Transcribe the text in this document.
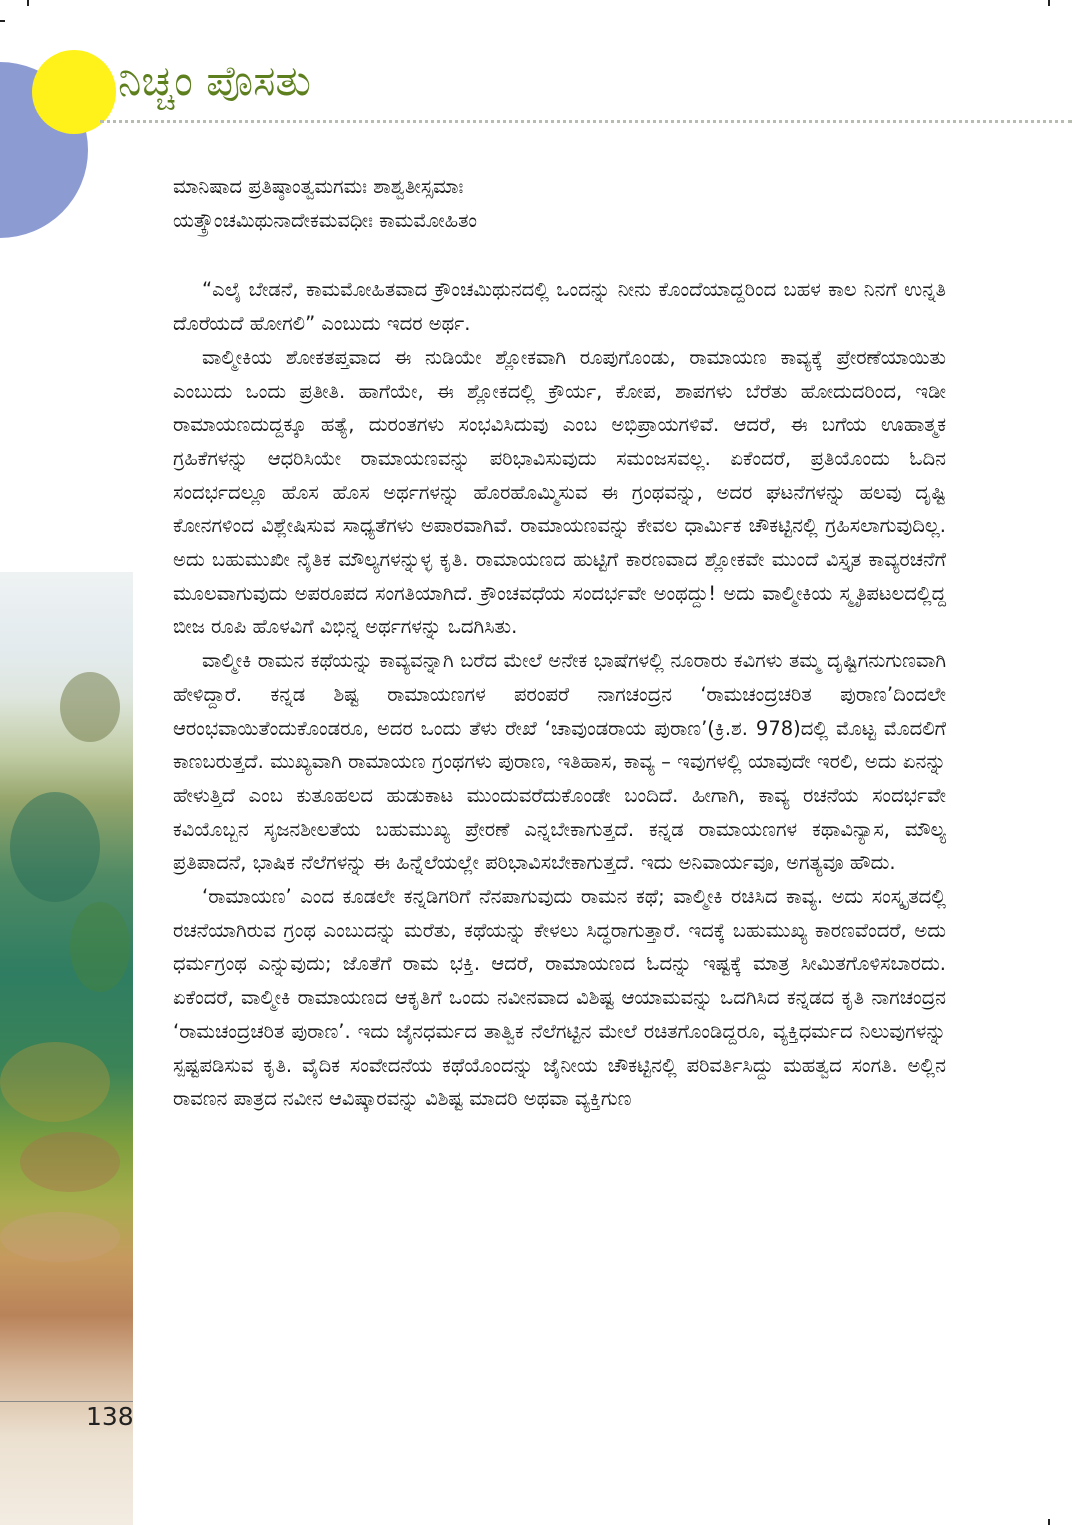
ನಿಚ್ಚಂ ಪೊಸತು
138
ಮಾನಿಷಾದ ಪ್ರತಿಷ್ಠಾಂತ್ವಮಗಮಃ ಶಾಶ್ವತೀಸ್ಸಮಾಃ
ಯತ್ಕ್ರೌಂಚಮಿಥುನಾದೇಕಮವಧೀಃ ಕಾಮಮೋಹಿತಂ

“ಎಲೈ ಬೇಡನೆ, ಕಾಮಮೋಹಿತವಾದ ಕ್ರೌಂಚಮಿಥುನದಲ್ಲಿ ಒಂದನ್ನು ನೀನು ಕೊಂದೆಯಾದ್ದರಿಂದ ಬಹಳ ಕಾಲ ನಿನಗೆ ಉನ್ನತಿ ದೊರೆಯದೆ ಹೋಗಲಿ” ಎಂಬುದು ಇದರ ಅರ್ಥ.

ವಾಲ್ಮೀಕಿಯ ಶೋಕತಪ್ತವಾದ ಈ ನುಡಿಯೇ ಶ್ಲೋಕವಾಗಿ ರೂಪುಗೊಂಡು, ರಾಮಾಯಣ ಕಾವ್ಯಕ್ಕೆ ಪ್ರೇರಣೆಯಾಯಿತು ಎಂಬುದು ಒಂದು ಪ್ರತೀತಿ. ಹಾಗೆಯೇ, ಈ ಶ್ಲೋಕದಲ್ಲಿ ಕ್ರೌರ್ಯ, ಕೋಪ, ಶಾಪಗಳು ಬೆರೆತು ಹೋದುದರಿಂದ, ಇಡೀ ರಾಮಾಯಣದುದ್ದಕ್ಕೂ ಹತ್ಯೆ, ದುರಂತಗಳು ಸಂಭವಿಸಿದುವು ಎಂಬ ಅಭಿಪ್ರಾಯಗಳಿವೆ. ಆದರೆ, ಈ ಬಗೆಯ ಊಹಾತ್ಮಕ ಗ್ರಹಿಕೆಗಳನ್ನು ಆಧರಿಸಿಯೇ ರಾಮಾಯಣವನ್ನು ಪರಿಭಾವಿಸುವುದು ಸಮಂಜಸವಲ್ಲ. ಏಕೆಂದರೆ, ಪ್ರತಿಯೊಂದು ಓದಿನ ಸಂದರ್ಭದಲ್ಲೂ ಹೊಸ ಹೊಸ ಅರ್ಥಗಳನ್ನು ಹೊರಹೊಮ್ಮಿಸುವ ಈ ಗ್ರಂಥವನ್ನು, ಅದರ ಘಟನೆಗಳನ್ನು ಹಲವು ದೃಷ್ಟಿ ಕೋನಗಳಿಂದ ವಿಶ್ಲೇಷಿಸುವ ಸಾಧ್ಯತೆಗಳು ಅಪಾರವಾಗಿವೆ. ರಾಮಾಯಣವನ್ನು ಕೇವಲ ಧಾರ್ಮಿಕ ಚೌಕಟ್ಟಿನಲ್ಲಿ ಗ್ರಹಿಸಲಾಗುವುದಿಲ್ಲ. ಅದು ಬಹುಮುಖೀ ನೈತಿಕ ಮೌಲ್ಯಗಳನ್ನುಳ್ಳ ಕೃತಿ. ರಾಮಾಯಣದ ಹುಟ್ಟಿಗೆ ಕಾರಣವಾದ ಶ್ಲೋಕವೇ ಮುಂದೆ ವಿಸ್ತೃತ ಕಾವ್ಯರಚನೆಗೆ ಮೂಲವಾಗುವುದು ಅಪರೂಪದ ಸಂಗತಿಯಾಗಿದೆ. ಕ್ರೌಂಚವಧೆಯ ಸಂದರ್ಭವೇ ಅಂಥದ್ದು! ಅದು ವಾಲ್ಮೀಕಿಯ ಸ್ಮೃತಿಪಟಲದಲ್ಲಿದ್ದ ಬೀಜ ರೂಪಿ ಹೊಳವಿಗೆ ವಿಭಿನ್ನ ಅರ್ಥಗಳನ್ನು ಒದಗಿಸಿತು.

ವಾಲ್ಮೀಕಿ ರಾಮನ ಕಥೆಯನ್ನು ಕಾವ್ಯವನ್ನಾಗಿ ಬರೆದ ಮೇಲೆ ಅನೇಕ ಭಾಷೆಗಳಲ್ಲಿ ನೂರಾರು ಕವಿಗಳು ತಮ್ಮ ದೃಷ್ಟಿಗನುಗುಣವಾಗಿ ಹೇಳಿದ್ದಾರೆ. ಕನ್ನಡ ಶಿಷ್ಟ ರಾಮಾಯಣಗಳ ಪರಂಪರೆ ನಾಗಚಂದ್ರನ ‘ರಾಮಚಂದ್ರಚರಿತ ಪುರಾಣ’ದಿಂದಲೇ ಆರಂಭವಾಯಿತೆಂದುಕೊಂಡರೂ, ಅದರ ಒಂದು ತೆಳು ರೇಖೆ ‘ಚಾವುಂಡರಾಯ ಪುರಾಣ’(ಕ್ರಿ.ಶ. 978)ದಲ್ಲಿ ಮೊಟ್ಟ ಮೊದಲಿಗೆ ಕಾಣಬರುತ್ತದೆ. ಮುಖ್ಯವಾಗಿ ರಾಮಾಯಣ ಗ್ರಂಥಗಳು ಪುರಾಣ, ಇತಿಹಾಸ, ಕಾವ್ಯ – ಇವುಗಳಲ್ಲಿ ಯಾವುದೇ ಇರಲಿ, ಅದು ಏನನ್ನು ಹೇಳುತ್ತಿದೆ ಎಂಬ ಕುತೂಹಲದ ಹುಡುಕಾಟ ಮುಂದುವರೆದುಕೊಂಡೇ ಬಂದಿದೆ. ಹೀಗಾಗಿ, ಕಾವ್ಯ ರಚನೆಯ ಸಂದರ್ಭವೇ ಕವಿಯೊಬ್ಬನ ಸೃಜನಶೀಲತೆಯ ಬಹುಮುಖ್ಯ ಪ್ರೇರಣೆ ಎನ್ನಬೇಕಾಗುತ್ತದೆ. ಕನ್ನಡ ರಾಮಾಯಣಗಳ ಕಥಾವಿನ್ಯಾಸ, ಮೌಲ್ಯ ಪ್ರತಿಪಾದನೆ, ಭಾಷಿಕ ನೆಲೆಗಳನ್ನು ಈ ಹಿನ್ನೆಲೆಯಲ್ಲೇ ಪರಿಭಾವಿಸಬೇಕಾಗುತ್ತದೆ. ಇದು ಅನಿವಾರ್ಯವೂ, ಅಗತ್ಯವೂ ಹೌದು.

‘ರಾಮಾಯಣ’ ಎಂದ ಕೂಡಲೇ ಕನ್ನಡಿಗರಿಗೆ ನೆನಪಾಗುವುದು ರಾಮನ ಕಥೆ; ವಾಲ್ಮೀಕಿ ರಚಿಸಿದ ಕಾವ್ಯ. ಅದು ಸಂಸ್ಕೃತದಲ್ಲಿ ರಚನೆಯಾಗಿರುವ ಗ್ರಂಥ ಎಂಬುದನ್ನು ಮರೆತು, ಕಥೆಯನ್ನು ಕೇಳಲು ಸಿದ್ಧರಾಗುತ್ತಾರೆ. ಇದಕ್ಕೆ ಬಹುಮುಖ್ಯ ಕಾರಣವೆಂದರೆ, ಅದು ಧರ್ಮಗ್ರಂಥ ಎನ್ನುವುದು; ಜೊತೆಗೆ ರಾಮ ಭಕ್ತಿ. ಆದರೆ, ರಾಮಾಯಣದ ಓದನ್ನು ಇಷ್ಟಕ್ಕೆ ಮಾತ್ರ ಸೀಮಿತಗೊಳಿಸಬಾರದು. ಏಕೆಂದರೆ, ವಾಲ್ಮೀಕಿ ರಾಮಾಯಣದ ಆಕೃತಿಗೆ ಒಂದು ನವೀನವಾದ ವಿಶಿಷ್ಟ ಆಯಾಮವನ್ನು ಒದಗಿಸಿದ ಕನ್ನಡದ ಕೃತಿ ನಾಗಚಂದ್ರನ ‘ರಾಮಚಂದ್ರಚರಿತ ಪುರಾಣ’. ಇದು ಜೈನಧರ್ಮದ ತಾತ್ವಿಕ ನೆಲೆಗಟ್ಟಿನ ಮೇಲೆ ರಚಿತಗೊಂಡಿದ್ದರೂ, ವ್ಯಕ್ತಿಧರ್ಮದ ನಿಲುವುಗಳನ್ನು ಸ್ಪಷ್ಟಪಡಿಸುವ ಕೃತಿ. ವೈದಿಕ ಸಂವೇದನೆಯ ಕಥೆಯೊಂದನ್ನು ಜೈನೀಯ ಚೌಕಟ್ಟಿನಲ್ಲಿ ಪರಿವರ್ತಿಸಿದ್ದು ಮಹತ್ವದ ಸಂಗತಿ. ಅಲ್ಲಿನ ರಾವಣನ ಪಾತ್ರದ ನವೀನ ಆವಿಷ್ಕಾರವನ್ನು ವಿಶಿಷ್ಟ ಮಾದರಿ ಅಥವಾ ವ್ಯಕ್ತಿಗುಣ
